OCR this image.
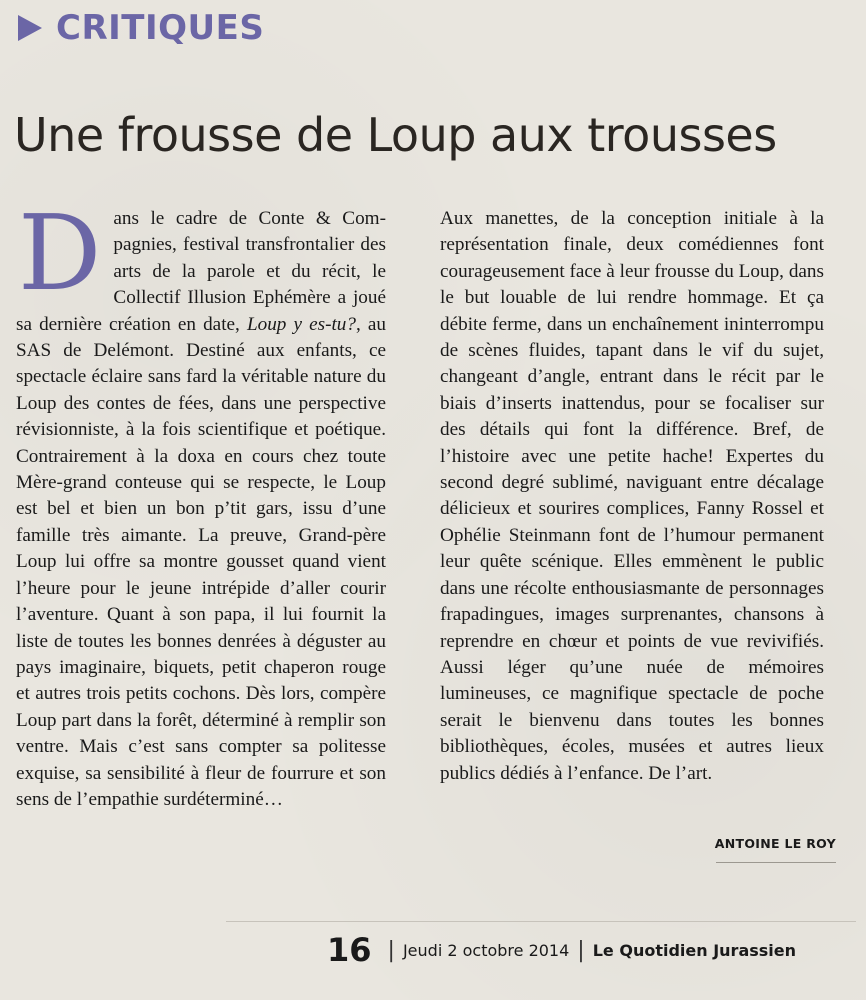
CRITIQUES
Une frousse de Loup aux trousses

Dans le cadre de Conte & Compagnies, festival transfrontalier des arts de la parole et du récit, le Collectif Illusion Ephémère a joué sa dernière création en date, Loup y es-tu?, au SAS de Delémont. Destiné aux enfants, ce spectacle éclaire sans fard la véritable nature du Loup des contes de fées, dans une perspective révisionniste, à la fois scientifique et poétique. Contrairement à la doxa en cours chez toute Mère-grand conteuse qui se respecte, le Loup est bel et bien un bon p’tit gars, issu d’une famille très aimante. La preuve, Grand-père Loup lui offre sa montre gousset quand vient l’heure pour le jeune intrépide d’aller courir l’aventure. Quant à son papa, il lui fournit la liste de toutes les bonnes denrées à déguster au pays imaginaire, biquets, petit chaperon rouge et autres trois petits cochons. Dès lors, compère Loup part dans la forêt, déterminé à remplir son ventre. Mais c’est sans compter sa politesse exquise, sa sensibilité à fleur de fourrure et son sens de l’empathie surdéterminé…

Aux manettes, de la conception initiale à la représentation finale, deux comédiennes font courageusement face à leur frousse du Loup, dans le but louable de lui rendre hommage. Et ça débite ferme, dans un enchaînement ininterrompu de scènes fluides, tapant dans le vif du sujet, changeant d’angle, entrant dans le récit par le biais d’inserts inattendus, pour se focaliser sur des détails qui font la différence. Bref, de l’histoire avec une petite hache! Expertes du second degré sublimé, naviguant entre décalage délicieux et sourires complices, Fanny Rossel et Ophélie Steinmann font de l’humour permanent leur quête scénique. Elles emmènent le public dans une récolte enthousiasmante de personnages frapadingues, images surprenantes, chansons à reprendre en chœur et points de vue revivifiés. Aussi léger qu’une nuée de mémoires lumineuses, ce magnifique spectacle de poche serait le bienvenu dans toutes les bonnes bibliothèques, écoles, musées et autres lieux publics dédiés à l’enfance. De l’art.

ANTOINE LE ROY
16 | Jeudi 2 octobre 2014 | Le Quotidien Jurassien
